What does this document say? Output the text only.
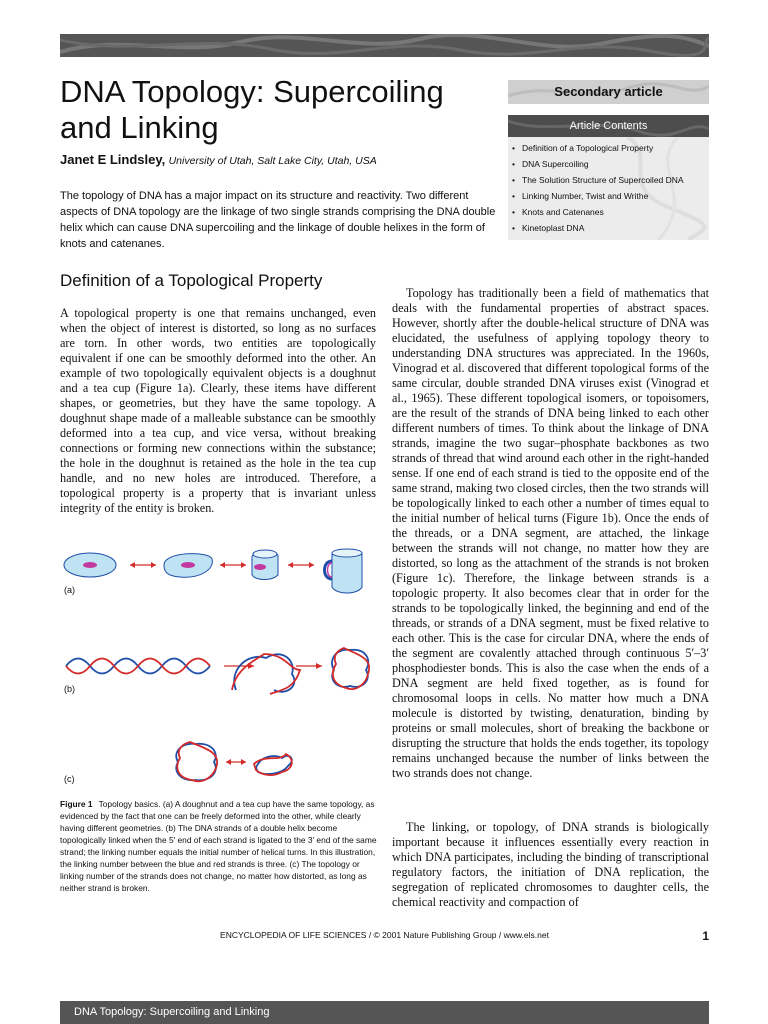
DNA Topology: Supercoiling and Linking
Janet E Lindsley, University of Utah, Salt Lake City, Utah, USA

The topology of DNA has a major impact on its structure and reactivity. Two different aspects of DNA topology are the linkage of two single strands comprising the DNA double helix which can cause DNA supercoiling and the linkage of double helixes in the form of knots and catenanes.

Secondary article
Article Contents
• Definition of a Topological Property
• DNA Supercoiling
• The Solution Structure of Supercoiled DNA
• Linking Number, Twist and Writhe
• Knots and Catenanes
• Kinetoplast DNA
Definition of a Topological Property

A topological property is one that remains unchanged, even when the object of interest is distorted, so long as no surfaces are torn. In other words, two entities are topologically equivalent if one can be smoothly deformed into the other. An example of two topologically equivalent objects is a doughnut and a tea cup (Figure 1a). Clearly, these items have different shapes, or geometries, but they have the same topology. A doughnut shape made of a malleable substance can be smoothly deformed into a tea cup, and vice versa, without breaking connections or forming new connections within the substance; the hole in the doughnut is retained as the hole in the tea cup handle, and no new holes are introduced. Therefore, a topological property is a property that is invariant unless integrity of the entity is broken.

(a)
(b)
(c)

Figure 1 Topology basics. (a) A doughnut and a tea cup have the same topology, as evidenced by the fact that one can be freely deformed into the other, while clearly having different geometries. (b) The DNA strands of a double helix become topologically linked when the 5′ end of each strand is ligated to the 3′ end of the same strand; the linking number equals the initial number of helical turns. In this illustration, the linking number between the blue and red strands is three. (c) The topology or linking number of the strands does not change, no matter how distorted, as long as neither strand is broken.

Topology has traditionally been a field of mathematics that deals with the fundamental properties of abstract spaces. However, shortly after the double-helical structure of DNA was elucidated, the usefulness of applying topology theory to understanding DNA structures was appreciated. In the 1960s, Vinograd et al. discovered that different topological forms of the same circular, double stranded DNA viruses exist (Vinograd et al., 1965). These different topological isomers, or topoisomers, are the result of the strands of DNA being linked to each other different numbers of times. To think about the linkage of DNA strands, imagine the two sugar–phosphate backbones as two strands of thread that wind around each other in the right-handed sense. If one end of each strand is tied to the opposite end of the same strand, making two closed circles, then the two strands will be topologically linked to each other a number of times equal to the initial number of helical turns (Figure 1b). Once the ends of the threads, or a DNA segment, are attached, the linkage between the strands will not change, no matter how they are distorted, so long as the attachment of the strands is not broken (Figure 1c). Therefore, the linkage between strands is a topologic property. It also becomes clear that in order for the strands to be topologically linked, the beginning and end of the threads, or strands of a DNA segment, must be fixed relative to each other. This is the case for circular DNA, where the ends of the segment are covalently attached through continuous 5′–3′ phosphodiester bonds. This is also the case when the ends of a DNA segment are held fixed together, as is found for chromosomal loops in cells. No matter how much a DNA molecule is distorted by twisting, denaturation, binding by proteins or small molecules, short of breaking the backbone or disrupting the structure that holds the ends together, its topology remains unchanged because the number of links between the two strands does not change.

The linking, or topology, of DNA strands is biologically important because it influences essentially every reaction in which DNA participates, including the binding of transcriptional regulatory factors, the initiation of DNA replication, the segregation of replicated chromosomes to daughter cells, the chemical reactivity and compaction of

ENCYCLOPEDIA OF LIFE SCIENCES / © 2001 Nature Publishing Group / www.els.net	1
DNA Topology: Supercoiling and Linking
